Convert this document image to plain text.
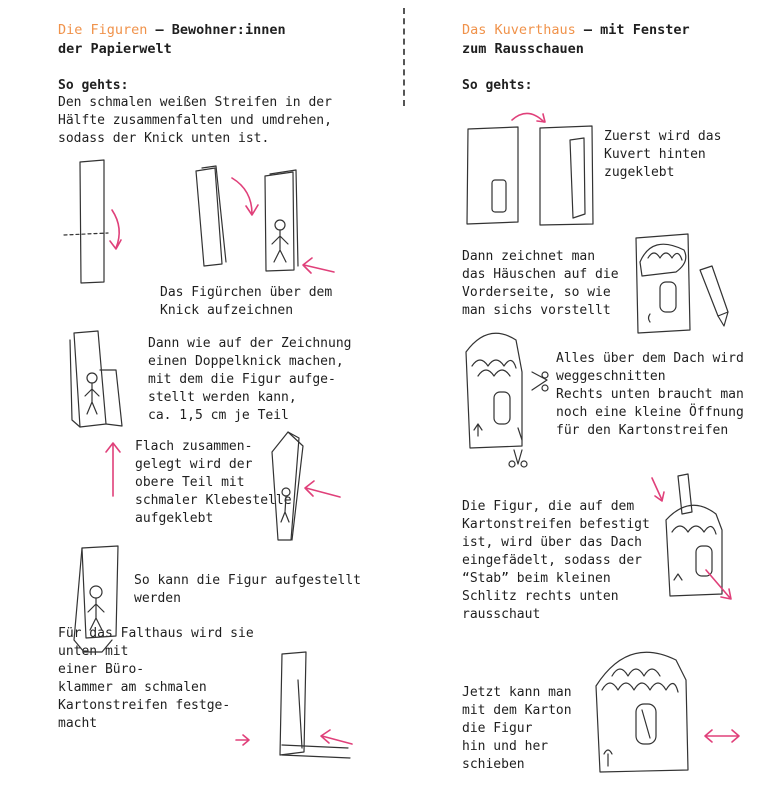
Die Figuren – Bewohner:innen
der Papierwelt
So gehts:
Den schmalen weißen Streifen in der
Hälfte zusammenfalten und umdrehen,
sodass der Knick unten ist.
Das Figürchen über dem
Knick aufzeichnen
Dann wie auf der Zeichnung
einen Doppelknick machen,
mit dem die Figur aufge-
stellt werden kann,
ca. 1,5 cm je Teil
Flach zusammen-
gelegt wird der
obere Teil mit
schmaler Klebestelle
aufgeklebt
So kann die Figur aufgestellt
werden
Für das Falthaus wird sie
unten mit
einer Büro-
klammer am schmalen
Kartonstreifen festge-
macht
Das Kuverthaus – mit Fenster
zum Rausschauen
So gehts:
Zuerst wird das
Kuvert hinten
zugeklebt
Dann zeichnet man
das Häuschen auf die
Vorderseite, so wie
man sichs vorstellt
Alles über dem Dach wird
weggeschnitten
Rechts unten braucht man
noch eine kleine Öffnung
für den Kartonstreifen
Die Figur, die auf dem
Kartonstreifen befestigt
ist, wird über das Dach
eingefädelt, sodass der
“Stab” beim kleinen
Schlitz rechts unten
rausschaut
Jetzt kann man
mit dem Karton
die Figur
hin und her
schieben
